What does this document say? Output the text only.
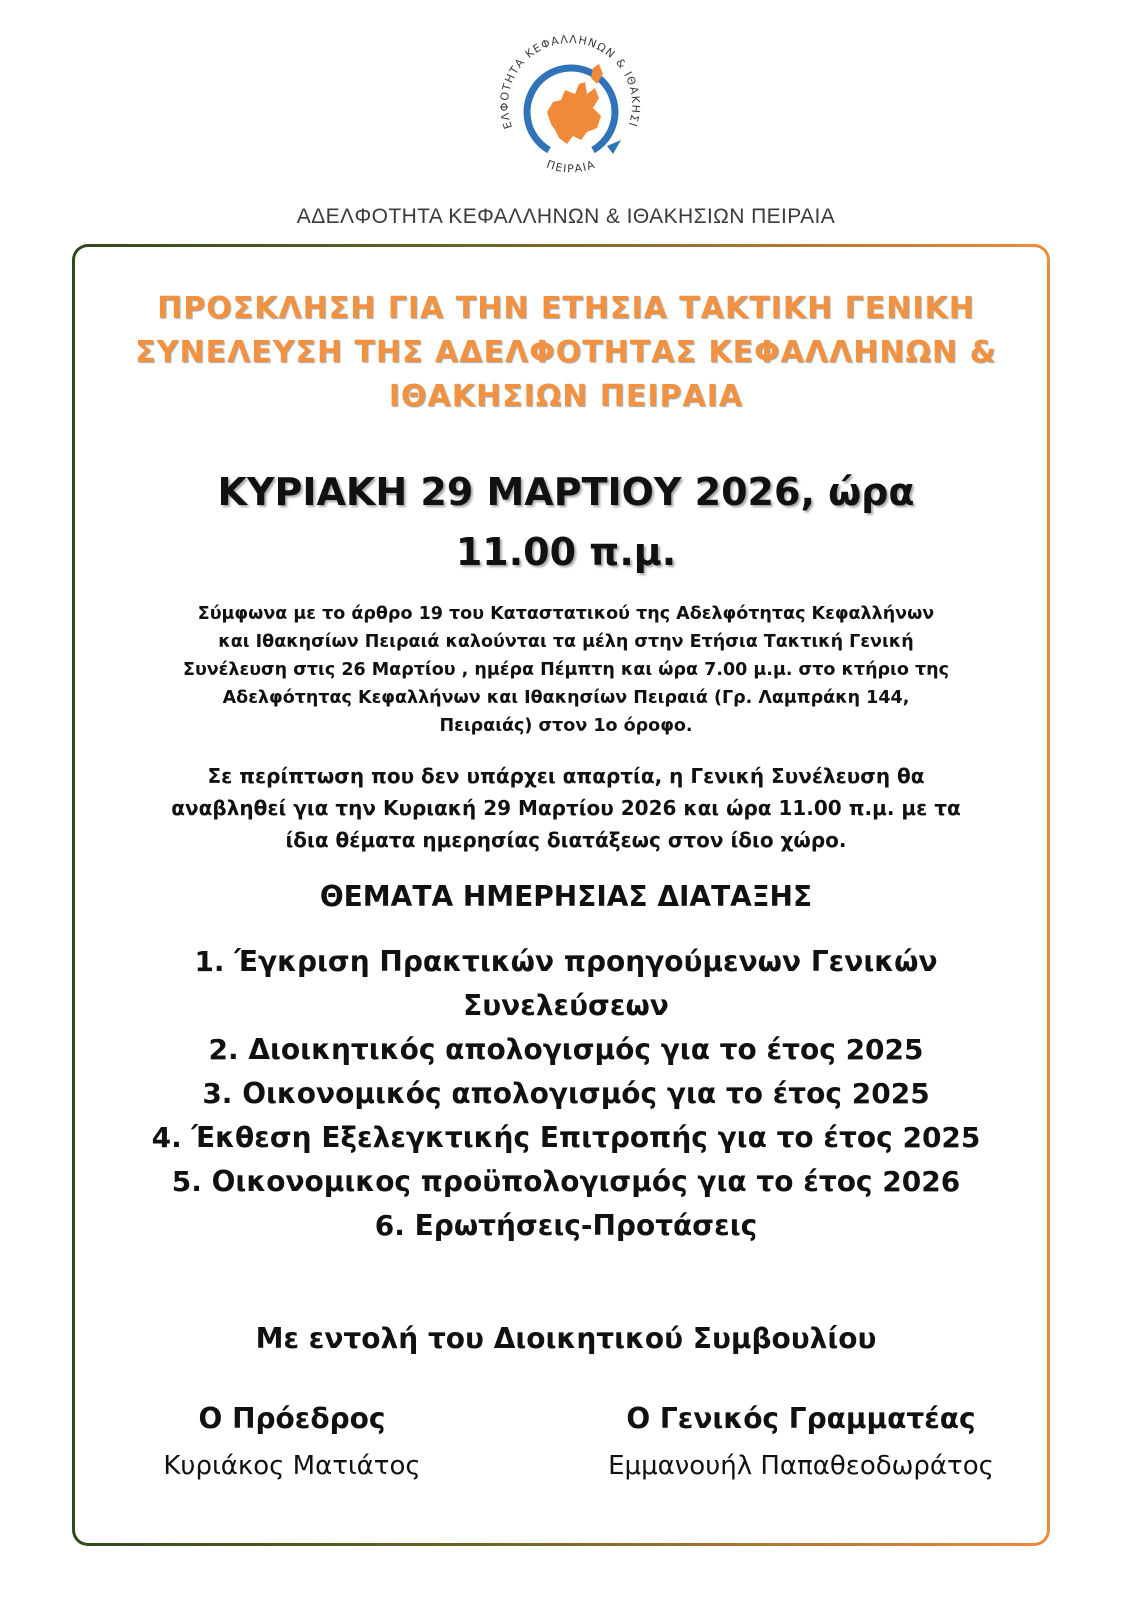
ΕΛΦΟΤΗΤΑ ΚΕΦΑΛΛΗΝΩΝ & ΙΘΑΚΗΣΙ
ΠΕΙΡΑΙΑ
ΑΔΕΛΦΟΤΗΤΑ ΚΕΦΑΛΛΗΝΩΝ & ΙΘΑΚΗΣΙΩΝ ΠΕΙΡΑΙΑ
ΠΡΟΣΚΛΗΣΗ ΓΙΑ ΤΗΝ ΕΤΗΣΙΑ ΤΑΚΤΙΚΗ ΓΕΝΙΚΗ
ΣΥΝΕΛΕΥΣΗ ΤΗΣ ΑΔΕΛΦΟΤΗΤΑΣ ΚΕΦΑΛΛΗΝΩΝ &
ΙΘΑΚΗΣΙΩΝ ΠΕΙΡΑΙΑ
ΚΥΡΙΑΚΗ 29 ΜΑΡΤΙΟΥ 2026, ώρα
11.00 π.μ.
Σύμφωνα με το άρθρο 19 του Καταστατικού της Αδελφότητας Κεφαλλήνων
και Ιθακησίων Πειραιά καλούνται τα μέλη στην Ετήσια Τακτική Γενική
Συνέλευση στις 26 Μαρτίου , ημέρα Πέμπτη και ώρα 7.00 μ.μ. στο κτήριο της
Αδελφότητας Κεφαλλήνων και Ιθακησίων Πειραιά (Γρ. Λαμπράκη 144,
Πειραιάς) στον 1ο όροφο.
Σε περίπτωση που δεν υπάρχει απαρτία, η Γενική Συνέλευση θα
αναβληθεί για την Κυριακή 29 Μαρτίου 2026 και ώρα 11.00 π.μ. με τα
ίδια θέματα ημερησίας διατάξεως στον ίδιο χώρο.
ΘΕΜΑΤΑ ΗΜΕΡΗΣΙΑΣ ΔΙΑΤΑΞΗΣ
1. Έγκριση Πρακτικών προηγούμενων Γενικών
Συνελεύσεων
2. Διοικητικός απολογισμός για το έτος 2025
3. Οικονομικός απολογισμός για το έτος 2025
4. Έκθεση Εξελεγκτικής Επιτροπής για το έτος 2025
5. Οικονομικος προϋπολογισμός για το έτος 2026
6. Ερωτήσεις-Προτάσεις
Με εντολή του Διοικητικού Συμβουλίου
Ο Πρόεδρος
Κυριάκος Ματιάτος
Ο Γενικός Γραμματέας
Εμμανουήλ Παπαθεοδωράτος
